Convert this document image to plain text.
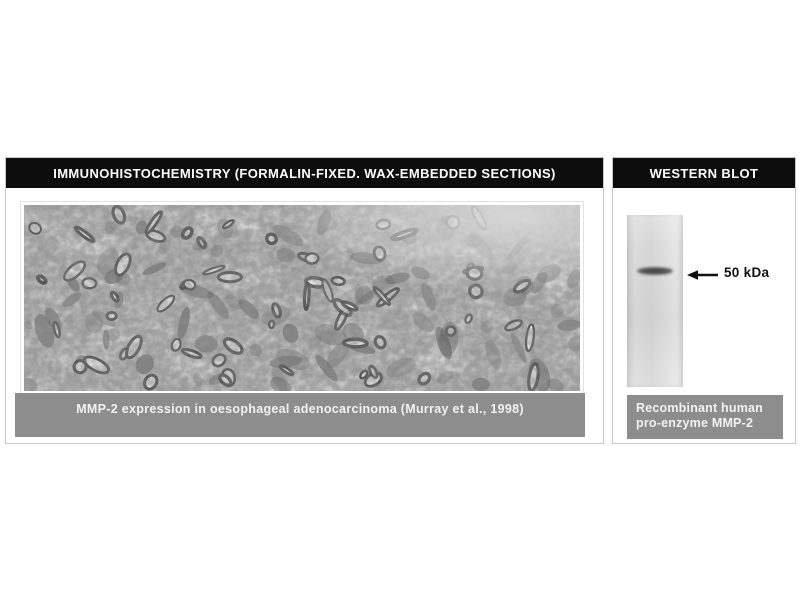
IMMUNOHISTOCHEMISTRY (FORMALIN-FIXED. WAX-EMBEDDED SECTIONS)
MMP-2 expression in oesophageal adenocarcinoma (Murray et al., 1998)
WESTERN BLOT
50 kDa
Recombinant human
pro-enzyme MMP-2
